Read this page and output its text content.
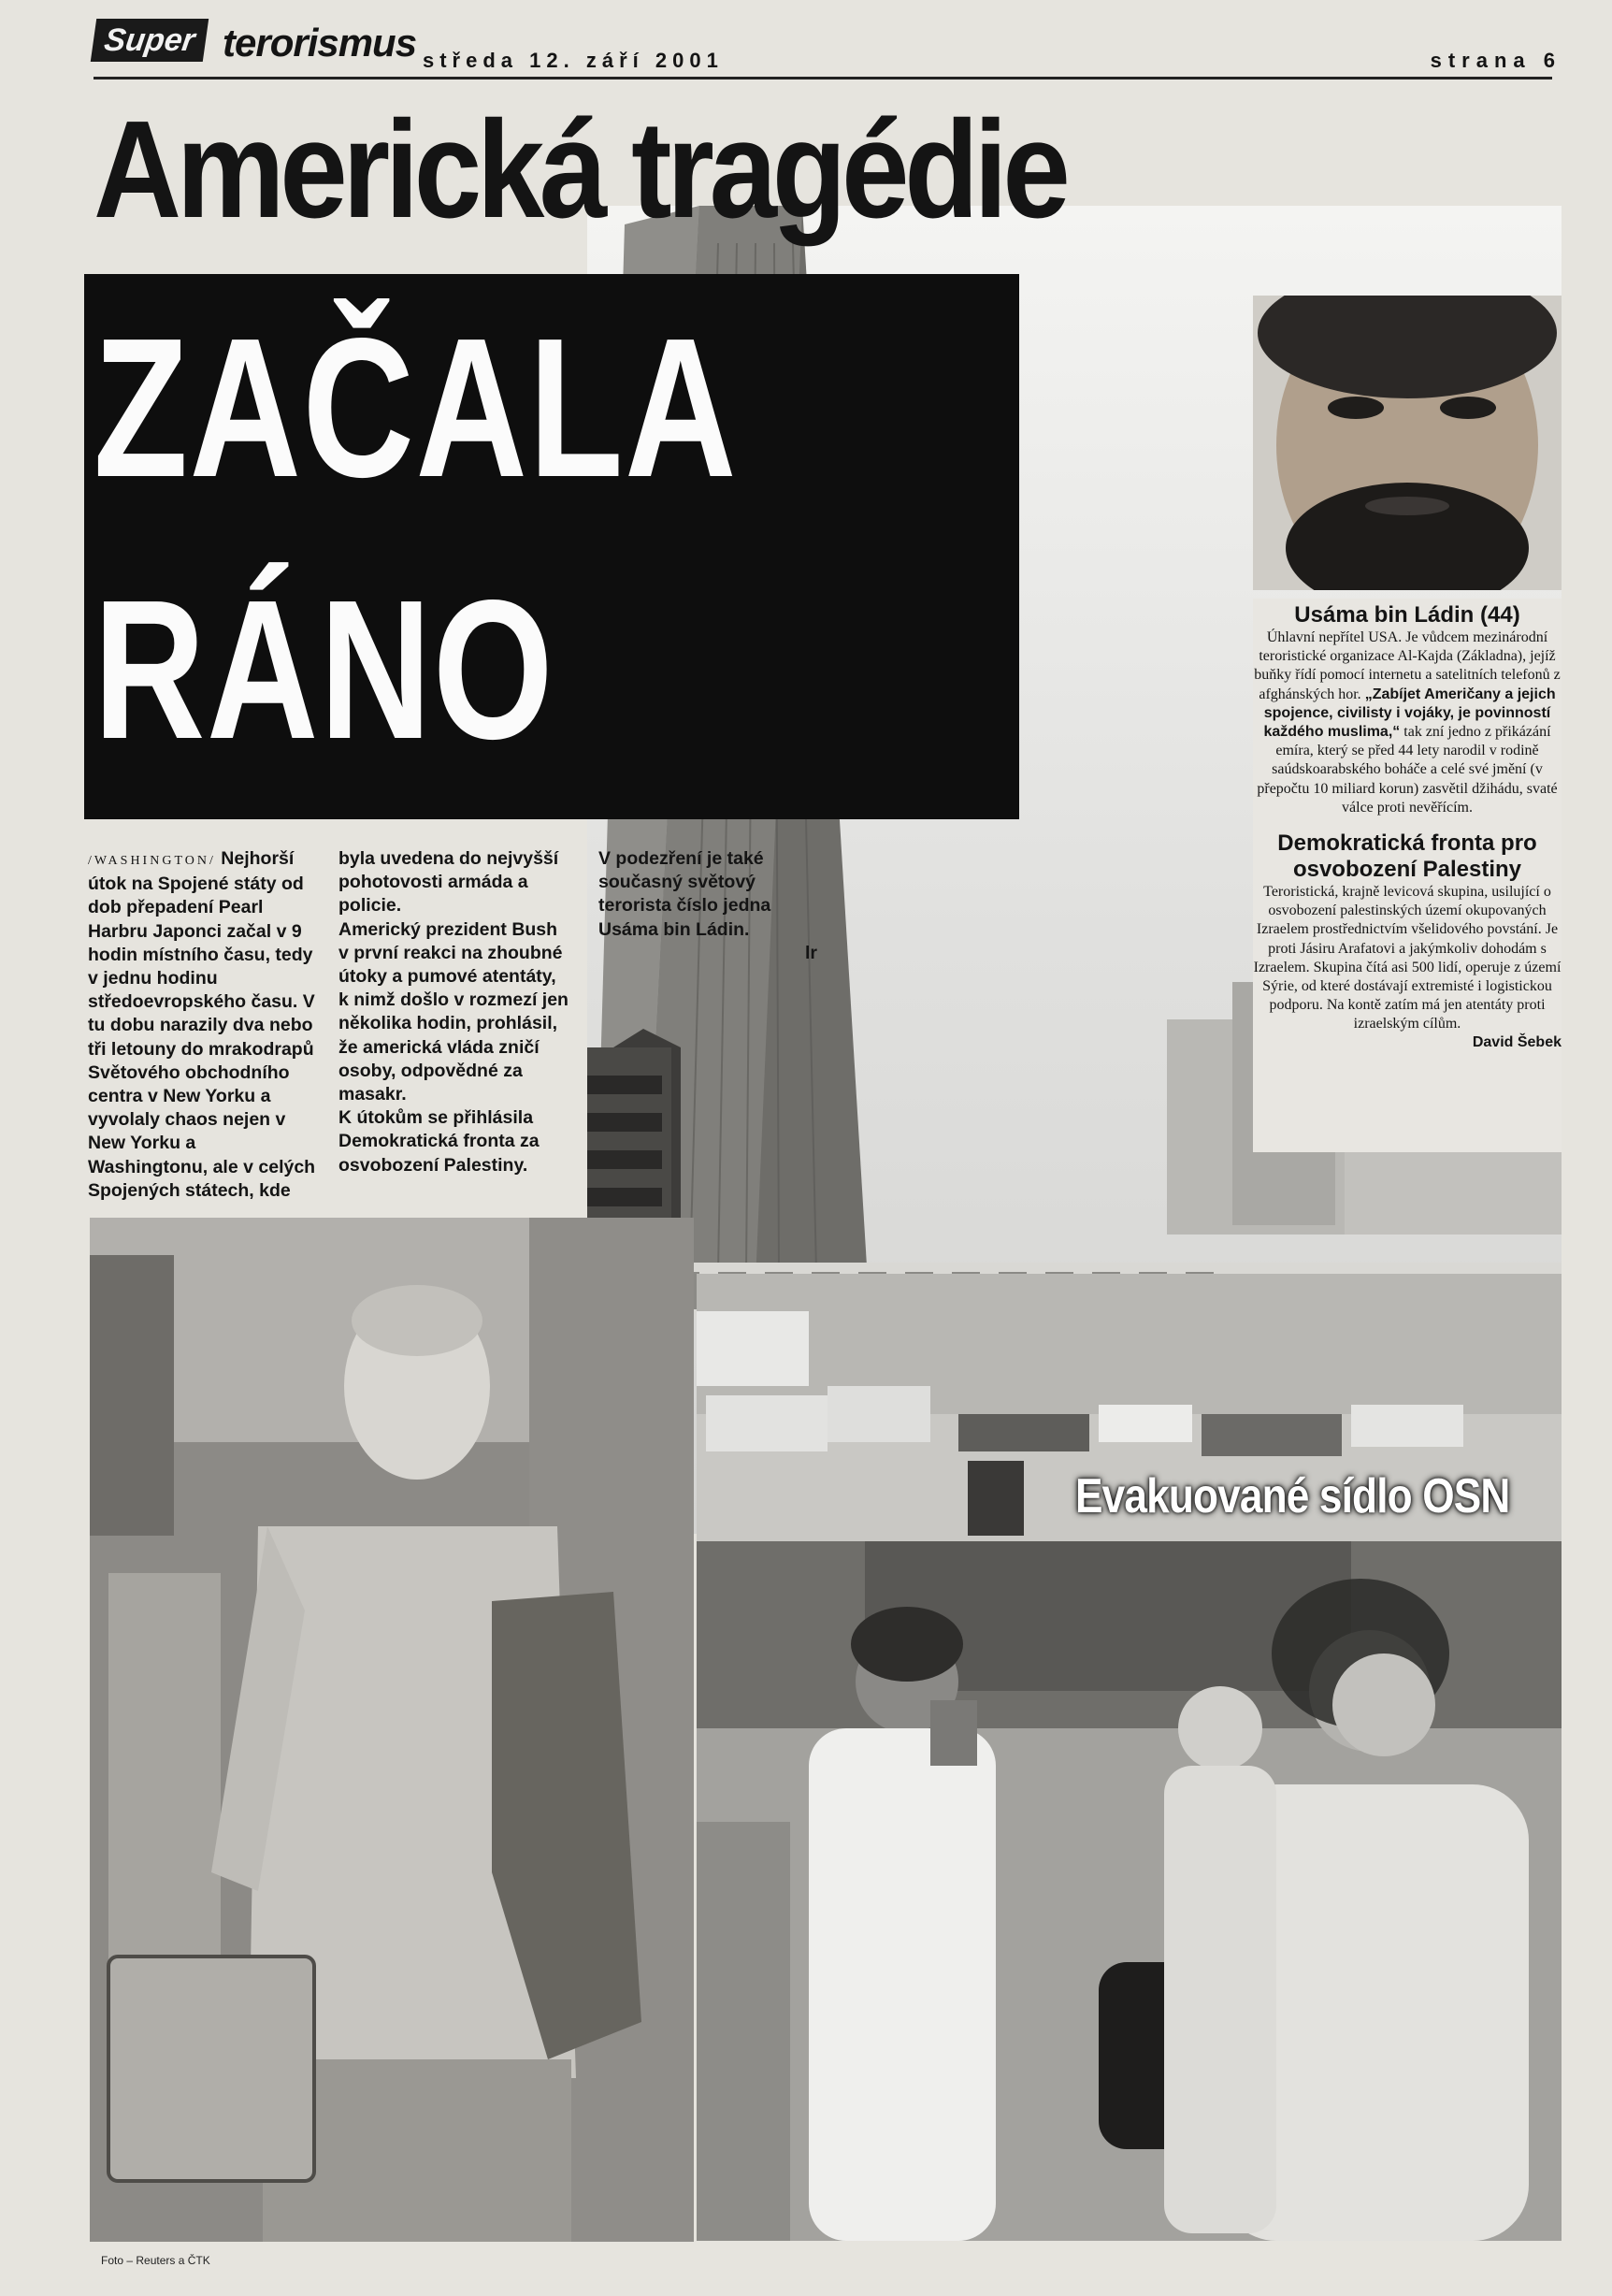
Super terorismus středa 12. září 2001	strana 6
Evakuované sídlo OSN
Americká tragédie
ZAČALA
RÁNO
/WASHINGTON/ Nejhorší útok na Spojené státy od dob přepadení Pearl Harbru Japonci začal v 9 hodin místního času, tedy v jednu hodinu středoevropského času. V tu dobu narazily dva nebo tři letouny do mrakodrapů Světového obchodního centra v New Yorku a vyvolaly chaos nejen v New Yorku a Washingtonu, ale v celých Spojených státech, kde
byla uvedena do nejvyšší pohotovosti armáda a policie.
Americký prezident Bush v první reakci na zhoubné útoky a pumové atentáty, k nimž došlo v rozmezí jen několika hodin, prohlásil, že americká vláda zničí osoby, odpovědné za masakr.
K útokům se přihlásila Demokratická fronta za osvobození Palestiny.
V podezření je také současný světový terorista číslo jedna Usáma bin Ládin.
lr
Usáma bin Ládin (44)
Úhlavní nepřítel USA. Je vůdcem mezinárodní teroristické organizace Al-Kajda (Základna), jejíž buňky řídí pomocí internetu a satelitních telefonů z afghánských hor. „Zabíjet Američany a jejich spojence, civilisty i vojáky, je povinností každého muslima,“ tak zní jedno z přikázání emíra, který se před 44 lety narodil v rodině saúdskoarabského boháče a celé své jmění (v přepočtu 10 miliard korun) zasvětil džihádu, svaté válce proti nevěřícím.
Demokratická fronta pro osvobození Palestiny
Teroristická, krajně levicová skupina, usilující o osvobození palestinských území okupovaných Izraelem prostřednictvím všelidového povstání. Je proti Jásiru Arafatovi a jakýmkoliv dohodám s Izraelem. Skupina čítá asi 500 lidí, operuje z území Sýrie, od které dostávají extremisté i logistickou podporu. Na kontě zatím má jen atentáty proti izraelským cílům.
David Šebek
Foto – Reuters a ČTK
